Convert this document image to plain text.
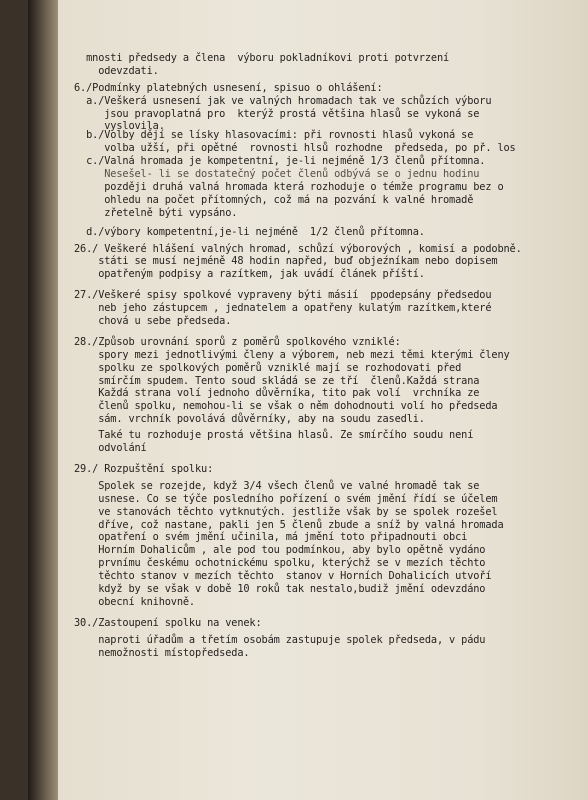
mnosti předsedy a člena  výboru pokladníkovi proti potvrzení
odevzdati.
6./Podmínky platebných usnesení, spisuo o ohlášení:
a./Veškerá usnesení jak ve valných hromadach tak ve schůzích výboru
jsou pravoplatná pro  kterýž prostá většina hlasů se vykoná se
vyslovila.
b./Volby dějí se lísky hlasovacími: při rovnosti hlasů vykoná se
volba užší, při opětné  rovnosti hlsů rozhodne  předseda, po př. los
c./Valná hromada je kompetentní, je-li nejméně 1/3 členů přítomna.
Nesešel- li se dostatečný počet členů odbývá se o jednu hodinu
později druhá valná hromada která rozhoduje o témže programu bez o
ohledu na počet přítomných, což má na pozvání k valné hromadě
zřetelně býti vypsáno.
d./výbory kompetentní,je-li nejméně  1/2 členů přítomna.
26./ Veškeré hlášení valných hromad, schůzí výborových , komisí a podobně.
státi se musí nejméně 48 hodin napřed, buď objeźníkam nebo dopisem
opatřeným podpisy a razítkem, jak uvádí článek příští.
27./Veškeré spisy spolkové vypraveny býti másií  ppodepsány předsedou
neb jeho zástupcem , jednatelem a opatřeny kulatým razítkem,které
chová u sebe předseda.
28./Způsob urovnání sporů z poměrů spolkového vzniklé:
spory mezi jednotlivými členy a výborem, neb mezi těmi kterými členy
spolku ze spolkových poměrů vzniklé mají se rozhodovati před
smírčím spudem. Tento soud skládá se ze tří  členů.Každá strana
Každá strana volí jednoho důvěrníka, tito pak volí  vrchníka ze
členů spolku, nemohou-li se však o něm dohodnouti volí ho předseda
sám. vrchník povolává důvěrníky, aby na soudu zasedli.
Také tu rozhoduje prostá většina hlasů. Ze smírčího soudu není
odvolání
29./ Rozpuštění spolku:
Spolek se rozejde, když 3/4 všech členů ve valné hromadě tak se
usnese. Co se týče posledního pořízení o svém jmění řídí se účelem
ve stanovách těchto vytknutých. jestliže však by se spolek rozešel
dříve, což nastane, pakli jen 5 členů zbude a sníž by valná hromada
opatření o svém jmění učinila, má jmění toto připadnouti obci
Horním Dohalicům , ale pod tou podmínkou, aby bylo opětně vydáno
prvnímu českému ochotnickému spolku, kterýchž se v mezích těchto
těchto stanov v mezích těchto  stanov v Horních Dohalicích utvoří
když by se však v době 10 roků tak nestalo,budiž jmění odevzdáno
obecní knihovně.
30./Zastoupení spolku na venek:
naproti úřadům a třetím osobám zastupuje spolek předseda, v pádu
nemožnosti místopředseda.
